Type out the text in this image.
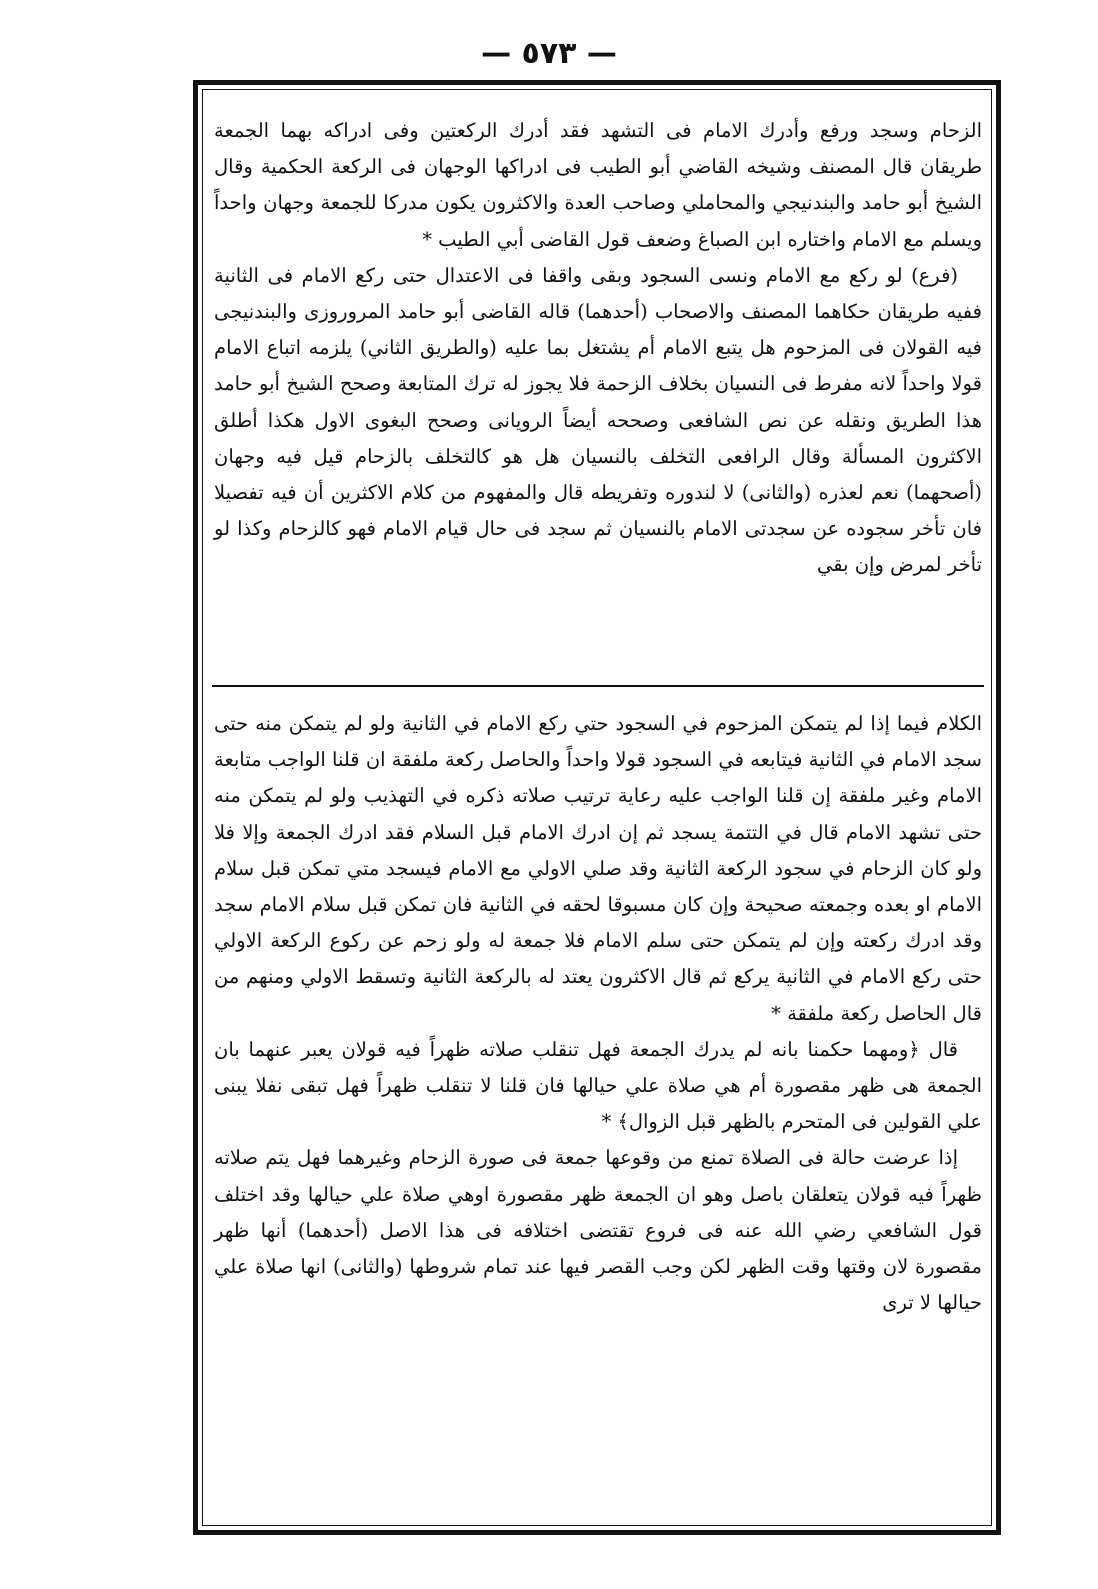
— ٥٧٣ —

الزحام وسجد ورفع وأدرك الامام فى التشهد فقد أدرك الركعتين وفى ادراكه بهما الجمعة طريقان قال المصنف وشيخه القاضي أبو الطيب فى ادراكها الوجهان فى الركعة الحكمية وقال الشيخ أبو حامد والبندنيجي والمحاملي وصاحب العدة والاكثرون يكون مدركا للجمعة وجهان واحداً ويسلم مع الامام واختاره ابن الصباغ وضعف قول القاضى أبي الطيب *

(فرع) لو ركع مع الامام ونسى السجود وبقى واقفا فى الاعتدال حتى ركع الامام فى الثانية ففيه طريقان حكاهما المصنف والاصحاب (أحدهما) قاله القاضى أبو حامد المروروزى والبندنيجى فيه القولان فى المزحوم هل يتبع الامام أم يشتغل بما عليه (والطريق الثاني) يلزمه اتباع الامام قولا واحداً لانه مفرط فى النسيان بخلاف الزحمة فلا يجوز له ترك المتابعة وصحح الشيخ أبو حامد هذا الطريق ونقله عن نص الشافعى وصححه أيضاً الرويانى وصحح البغوى الاول هكذا أطلق الاكثرون المسألة وقال الرافعى التخلف بالنسيان هل هو كالتخلف بالزحام قيل فيه وجهان (أصحهما) نعم لعذره (والثانى) لا لندوره وتفريطه قال والمفهوم من كلام الاكثرين أن فيه تفصيلا فان تأخر سجوده عن سجدتى الامام بالنسيان ثم سجد فى حال قيام الامام فهو كالزحام وكذا لو تأخر لمرض وإن بقي

الكلام فيما إذا لم يتمكن المزحوم في السجود حتي ركع الامام في الثانية ولو لم يتمكن منه حتى سجد الامام في الثانية فيتابعه في السجود قولا واحداً والحاصل ركعة ملفقة ان قلنا الواجب متابعة الامام وغير ملفقة إن قلنا الواجب عليه رعاية ترتيب صلاته ذكره في التهذيب ولو لم يتمكن منه حتى تشهد الامام قال في التتمة يسجد ثم إن ادرك الامام قبل السلام فقد ادرك الجمعة وإلا فلا ولو كان الزحام في سجود الركعة الثانية وقد صلي الاولي مع الامام فيسجد متي تمكن قبل سلام الامام او بعده وجمعته صحيحة وإن كان مسبوقا لحقه في الثانية فان تمكن قبل سلام الامام سجد وقد ادرك ركعته وإن لم يتمكن حتى سلم الامام فلا جمعة له ولو زحم عن ركوع الركعة الاولي حتى ركع الامام في الثانية يركع ثم قال الاكثرون يعتد له بالركعة الثانية وتسقط الاولي ومنهم من قال الحاصل ركعة ملفقة *

قال ﴿ومهما حكمنا بانه لم يدرك الجمعة فهل تنقلب صلاته ظهراً فيه قولان يعبر عنهما بان الجمعة هى ظهر مقصورة أم هي صلاة علي حيالها فان قلنا لا تنقلب ظهراً فهل تبقى نفلا يبنى علي القولين فى المتحرم بالظهر قبل الزوال﴾ *

إذا عرضت حالة فى الصلاة تمنع من وقوعها جمعة فى صورة الزحام وغيرهما فهل يتم صلاته ظهراً فيه قولان يتعلقان باصل وهو ان الجمعة ظهر مقصورة اوهي صلاة علي حيالها وقد اختلف قول الشافعي رضي الله عنه فى فروع تقتضى اختلافه فى هذا الاصل (أحدهما) أنها ظهر مقصورة لان وقتها وقت الظهر لكن وجب القصر فيها عند تمام شروطها (والثانى) انها صلاة علي حيالها لا ترى
